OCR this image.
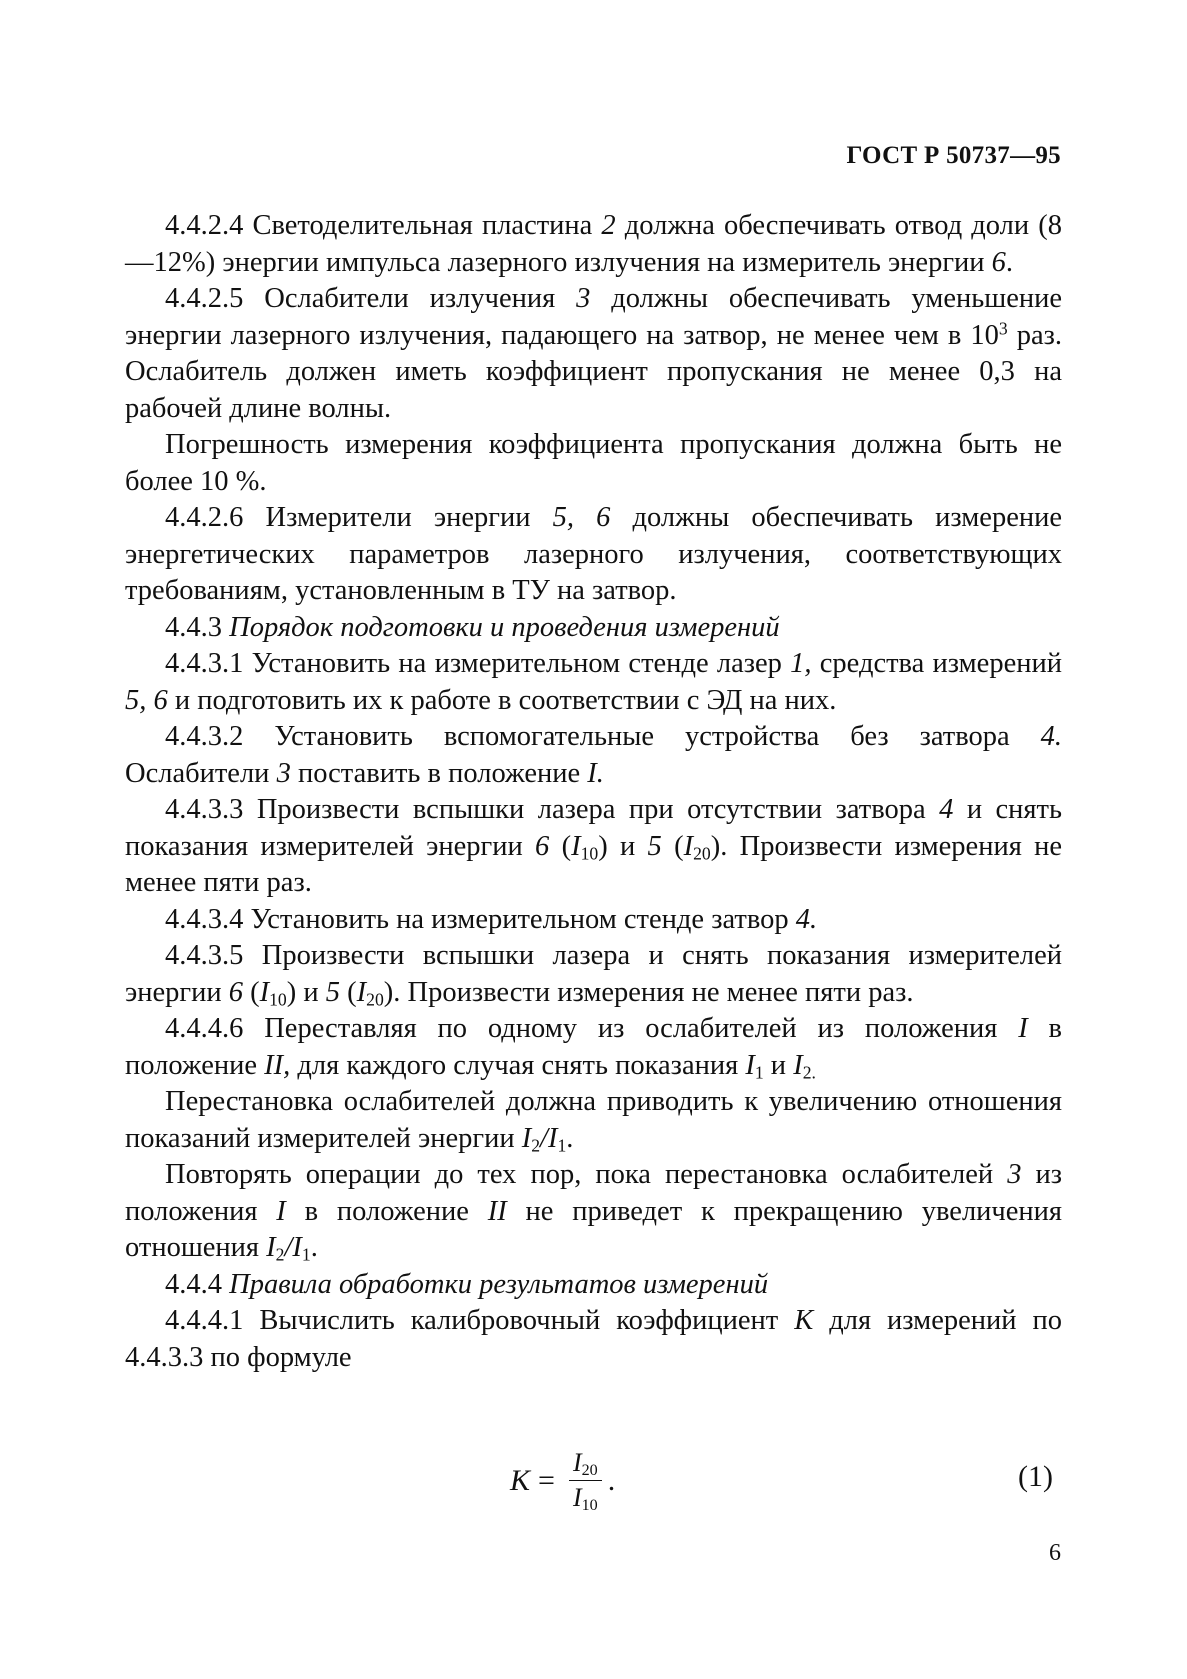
ГОСТ Р 50737—95

4.4.2.4 Светоделительная пластина 2 должна обеспечивать отвод доли (8—12%) энергии импульса лазерного излучения на измеритель энергии 6.

4.4.2.5 Ослабители излучения 3 должны обеспечивать уменьшение энергии лазерного излучения, падающего на затвор, не менее чем в $10^3$ раз. Ослабитель должен иметь коэффициент пропускания не менее 0,3 на рабочей длине волны.

Погрешность измерения коэффициента пропускания должна быть не более 10 %.

4.4.2.6 Измерители энергии 5, 6 должны обеспечивать измерение энергетических параметров лазерного излучения, соответствующих требованиям, установленным в ТУ на затвор.

4.4.3 Порядок подготовки и проведения измерений

4.4.3.1 Установить на измерительном стенде лазер 1, средства измерений 5, 6 и подготовить их к работе в соответствии с ЭД на них.

4.4.3.2 Установить вспомогательные устройства без затвора 4. Ослабители 3 поставить в положение I.

4.4.3.3 Произвести вспышки лазера при отсутствии затвора 4 и снять показания измерителей энергии 6 $(I_{10})$ и 5 $(I_{20})$. Произвести измерения не менее пяти раз.

4.4.3.4 Установить на измерительном стенде затвор 4.

4.4.3.5 Произвести вспышки лазера и снять показания измерителей энергии 6 $(I_{10})$ и 5 $(I_{20})$. Произвести измерения не менее пяти раз.

4.4.4.6 Переставляя по одному из ослабителей из положения I в положение II, для каждого случая снять показания $I_1$ и $I_{2.}$

Перестановка ослабителей должна приводить к увеличению отношения показаний измерителей энергии $I_2/I_1$.

Повторять операции до тех пор, пока перестановка ослабителей 3 из положения I в положение II не приведет к прекращению увеличения отношения $I_2/I_1$.

4.4.4 Правила обработки результатов измерений

4.4.4.1 Вычислить калибровочный коэффициент K для измерений по 4.4.3.3 по формуле

$K = \frac{I_{20}}{I_{10}}$ .	(1)
6
